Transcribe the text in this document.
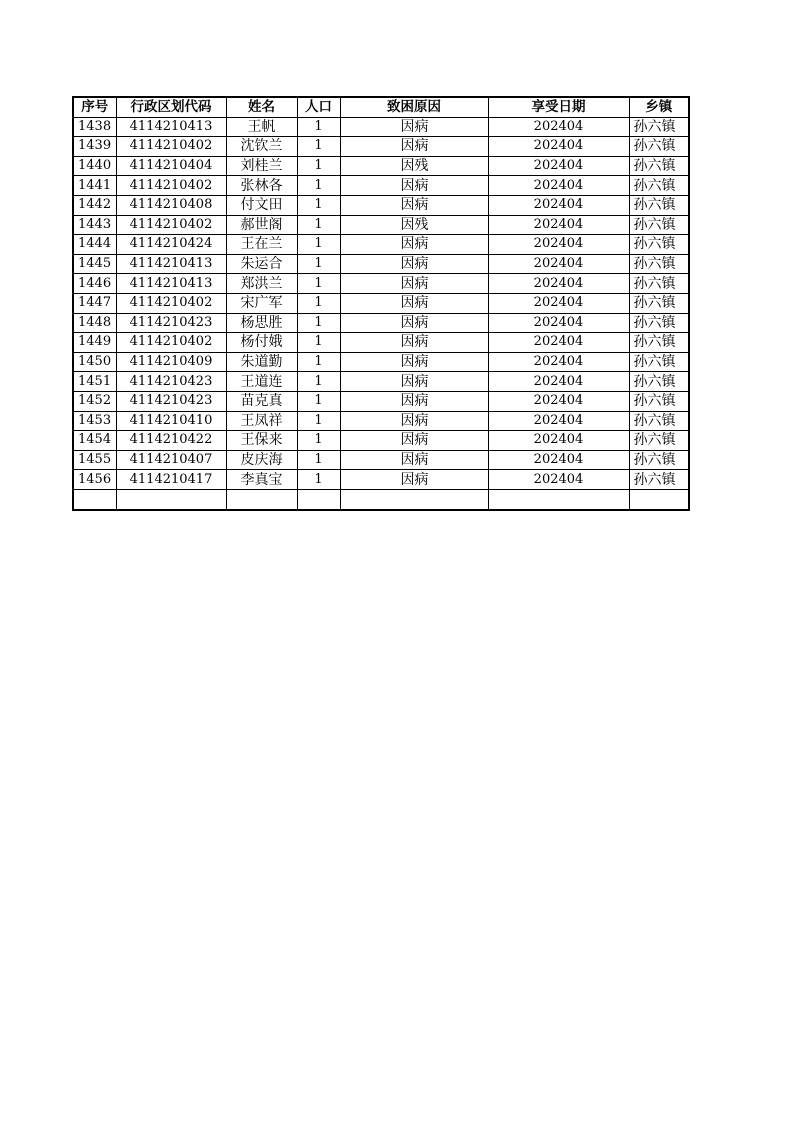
序号	行政区划代码	姓名	人口	致困原因	享受日期	乡镇
1438	4114210413	王帆	1	因病	202404	孙六镇
1439	4114210402	沈钦兰	1	因病	202404	孙六镇
1440	4114210404	刘桂兰	1	因残	202404	孙六镇
1441	4114210402	张林各	1	因病	202404	孙六镇
1442	4114210408	付文田	1	因病	202404	孙六镇
1443	4114210402	郝世阁	1	因残	202404	孙六镇
1444	4114210424	王在兰	1	因病	202404	孙六镇
1445	4114210413	朱运合	1	因病	202404	孙六镇
1446	4114210413	郑洪兰	1	因病	202404	孙六镇
1447	4114210402	宋广军	1	因病	202404	孙六镇
1448	4114210423	杨思胜	1	因病	202404	孙六镇
1449	4114210402	杨付娥	1	因病	202404	孙六镇
1450	4114210409	朱道勤	1	因病	202404	孙六镇
1451	4114210423	王道连	1	因病	202404	孙六镇
1452	4114210423	苗克真	1	因病	202404	孙六镇
1453	4114210410	王凤祥	1	因病	202404	孙六镇
1454	4114210422	王保来	1	因病	202404	孙六镇
1455	4114210407	皮庆海	1	因病	202404	孙六镇
1456	4114210417	李真宝	1	因病	202404	孙六镇
